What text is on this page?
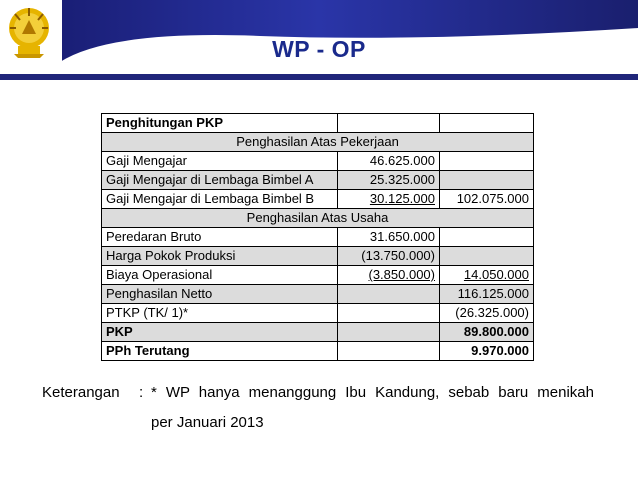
WP - OP
Penghitungan PKP		
Penghasilan Atas Pekerjaan		
Gaji Mengajar	46.625.000	
Gaji Mengajar di Lembaga Bimbel A	25.325.000	
Gaji Mengajar di Lembaga Bimbel B	30.125.000	102.075.000
Penghasilan Atas Usaha		
Peredaran Bruto	31.650.000	
Harga Pokok Produksi	(13.750.000)	
Biaya Operasional	(3.850.000)	14.050.000
Penghasilan Netto		116.125.000
PTKP (TK/ 1)*		(26.325.000)
PKP		89.800.000
PPh Terutang		9.970.000
Keterangan : * WP hanya menanggung Ibu Kandung, sebab baru menikah
per Januari 2013
